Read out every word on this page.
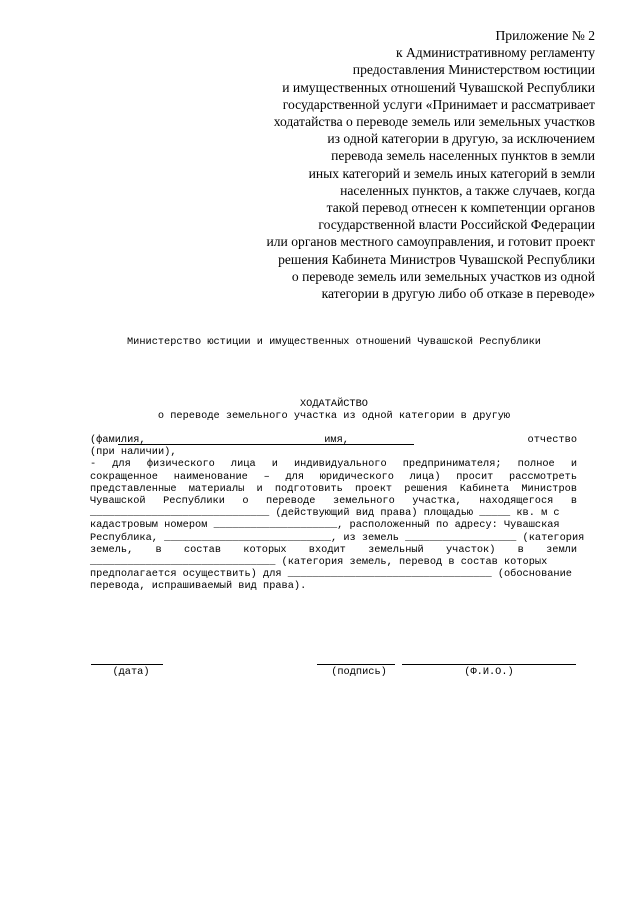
Приложение № 2
к Административному регламенту
предоставления Министерством юстиции
и имущественных отношений Чувашской Республики
государственной услуги «Принимает и рассматривает
ходатайства о переводе земель или земельных участков
из одной категории в другую, за исключением
перевода земель населенных пунктов в земли
иных категорий и земель иных категорий в земли
населенных пунктов, а также случаев, когда
такой перевод отнесен к компетенции органов
государственной власти Российской Федерации
или органов местного самоуправления, и готовит проект
решения Кабинета Министров Чувашской Республики
о переводе земель или земельных участков из одной
категории в другую либо об отказе в переводе»
Министерство юстиции и имущественных отношений Чувашской Республики
ХОДАТАЙСТВО
о переводе земельного участка из одной категории в другую
(фамилия, имя, отчество
(при наличии),
- для физического лица и индивидуального предпринимателя; полное и
сокращенное наименование – для юридического лица) просит рассмотреть
представленные материалы и подготовить проект решения Кабинета Министров
Чувашской Республики о переводе земельного участка, находящегося в
_____________________________ (действующий вид права) площадью _____ кв. м с
кадастровым номером ____________________, расположенный по адресу: Чувашская
Республика, ___________________________, из земель __________________ (категория
земель, в состав которых входит земельный участок) в земли
______________________________ (категория земель, перевод в состав которых
предполагается осуществить) для _________________________________ (обоснование
перевода, испрашиваемый вид права).
(дата)	(подпись)	(Ф.И.О.)
